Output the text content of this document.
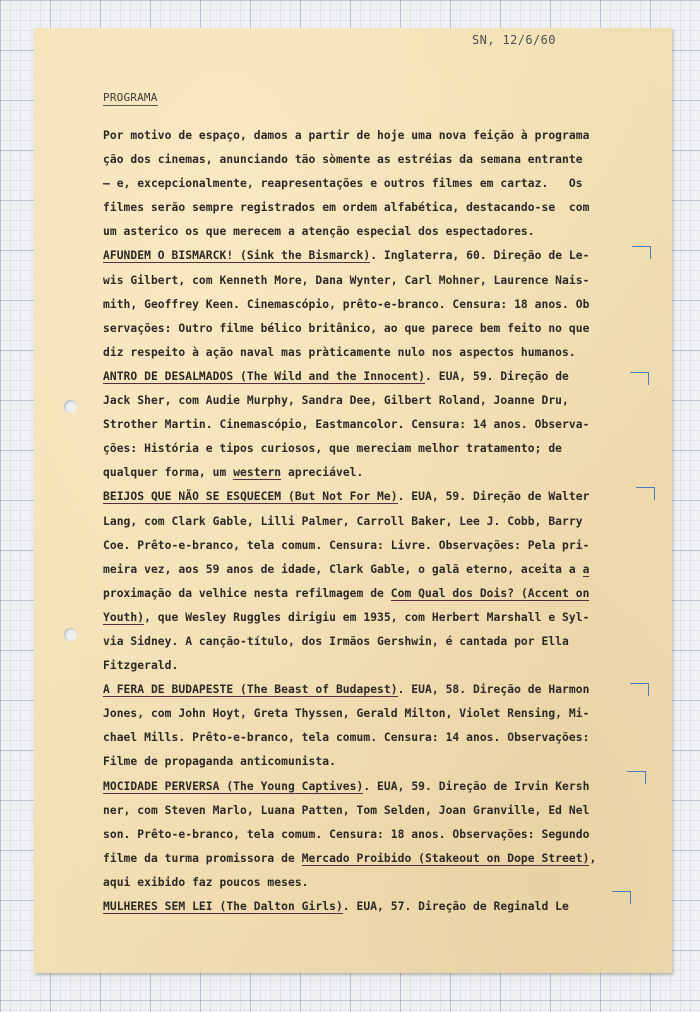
SN, 12/6/60
PROGRAMA
Por motivo de espaço, damos a partir de hoje uma nova feição à programa
ção dos cinemas, anunciando tão sòmente as estréias da semana entrante
— e, excepcionalmente, reapresentações e outros filmes em cartaz.   Os
filmes serão sempre registrados em ordem alfabética, destacando-se  com
um asterico os que merecem a atenção especial dos espectadores.
AFUNDEM O BISMARCK! (Sink the Bismarck). Inglaterra, 60. Direção de Le-
wis Gilbert, com Kenneth More, Dana Wynter, Carl Mohner, Laurence Nais-
mith, Geoffrey Keen. Cinemascópio, prêto-e-branco. Censura: 18 anos. Ob
servações: Outro filme bélico britânico, ao que parece bem feito no que
diz respeito à ação naval mas pràticamente nulo nos aspectos humanos.
ANTRO DE DESALMADOS (The Wild and the Innocent). EUA, 59. Direção de
Jack Sher, com Audie Murphy, Sandra Dee, Gilbert Roland, Joanne Dru,
Strother Martin. Cinemascópio, Eastmancolor. Censura: 14 anos. Observa-
ções: História e tipos curiosos, que mereciam melhor tratamento; de
qualquer forma, um western apreciável.
BEIJOS QUE NÃO SE ESQUECEM (But Not For Me). EUA, 59. Direção de Walter
Lang, com Clark Gable, Lilli Palmer, Carroll Baker, Lee J. Cobb, Barry
Coe. Prêto-e-branco, tela comum. Censura: Livre. Observações: Pela pri-
meira vez, aos 59 anos de idade, Clark Gable, o galã eterno, aceita a a
proximação da velhice nesta refilmagem de Com Qual dos Dois? (Accent on
Youth), que Wesley Ruggles dirigiu em 1935, com Herbert Marshall e Syl-
via Sidney. A canção-título, dos Irmãos Gershwin, é cantada por Ella
Fitzgerald.
A FERA DE BUDAPESTE (The Beast of Budapest). EUA, 58. Direção de Harmon
Jones, com John Hoyt, Greta Thyssen, Gerald Milton, Violet Rensing, Mi-
chael Mills. Prêto-e-branco, tela comum. Censura: 14 anos. Observações:
Filme de propaganda anticomunista.
MOCIDADE PERVERSA (The Young Captives). EUA, 59. Direção de Irvin Kersh
ner, com Steven Marlo, Luana Patten, Tom Selden, Joan Granville, Ed Nel
son. Prêto-e-branco, tela comum. Censura: 18 anos. Observações: Segundo
filme da turma promissora de Mercado Proibido (Stakeout on Dope Street),
aqui exibido faz poucos meses.
MULHERES SEM LEI (The Dalton Girls). EUA, 57. Direção de Reginald Le
